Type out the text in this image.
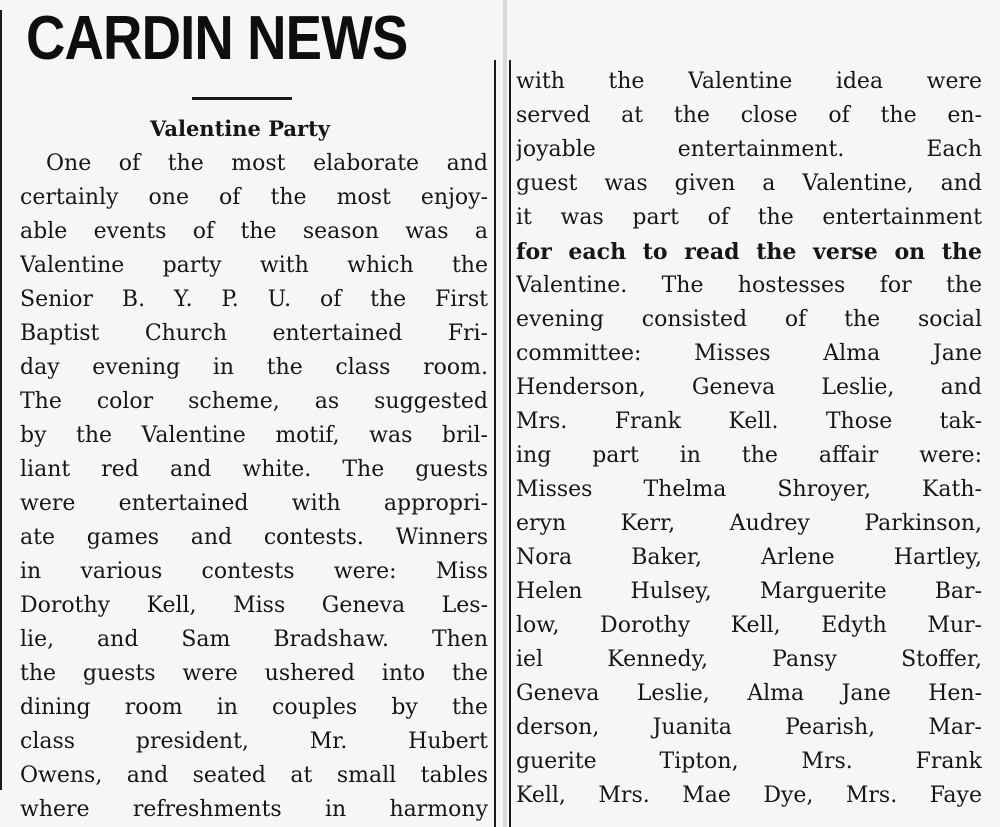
CARDIN NEWS
Valentine Party
One of the most elaborate and
certainly one of the most enjoy-
able events of the season was a
Valentine party with which the
Senior B. Y. P. U. of the First
Baptist Church entertained Fri-
day evening in the class room.
The color scheme, as suggested
by the Valentine motif, was bril-
liant red and white. The guests
were entertained with appropri-
ate games and contests. Winners
in various contests were: Miss
Dorothy Kell, Miss Geneva Les-
lie, and Sam Bradshaw. Then
the guests were ushered into the
dining room in couples by the
class president, Mr. Hubert
Owens, and seated at small tables
where refreshments in harmony
with the Valentine idea were
served at the close of the en-
joyable entertainment. Each
guest was given a Valentine, and
it was part of the entertainment
for each to read the verse on the
Valentine. The hostesses for the
evening consisted of the social
committee: Misses Alma Jane
Henderson, Geneva Leslie, and
Mrs. Frank Kell. Those tak-
ing part in the affair were:
Misses Thelma Shroyer, Kath-
eryn Kerr, Audrey Parkinson,
Nora Baker, Arlene Hartley,
Helen Hulsey, Marguerite Bar-
low, Dorothy Kell, Edyth Mur-
iel Kennedy, Pansy Stoffer,
Geneva Leslie, Alma Jane Hen-
derson, Juanita Pearish, Mar-
guerite Tipton, Mrs. Frank
Kell, Mrs. Mae Dye, Mrs. Faye
